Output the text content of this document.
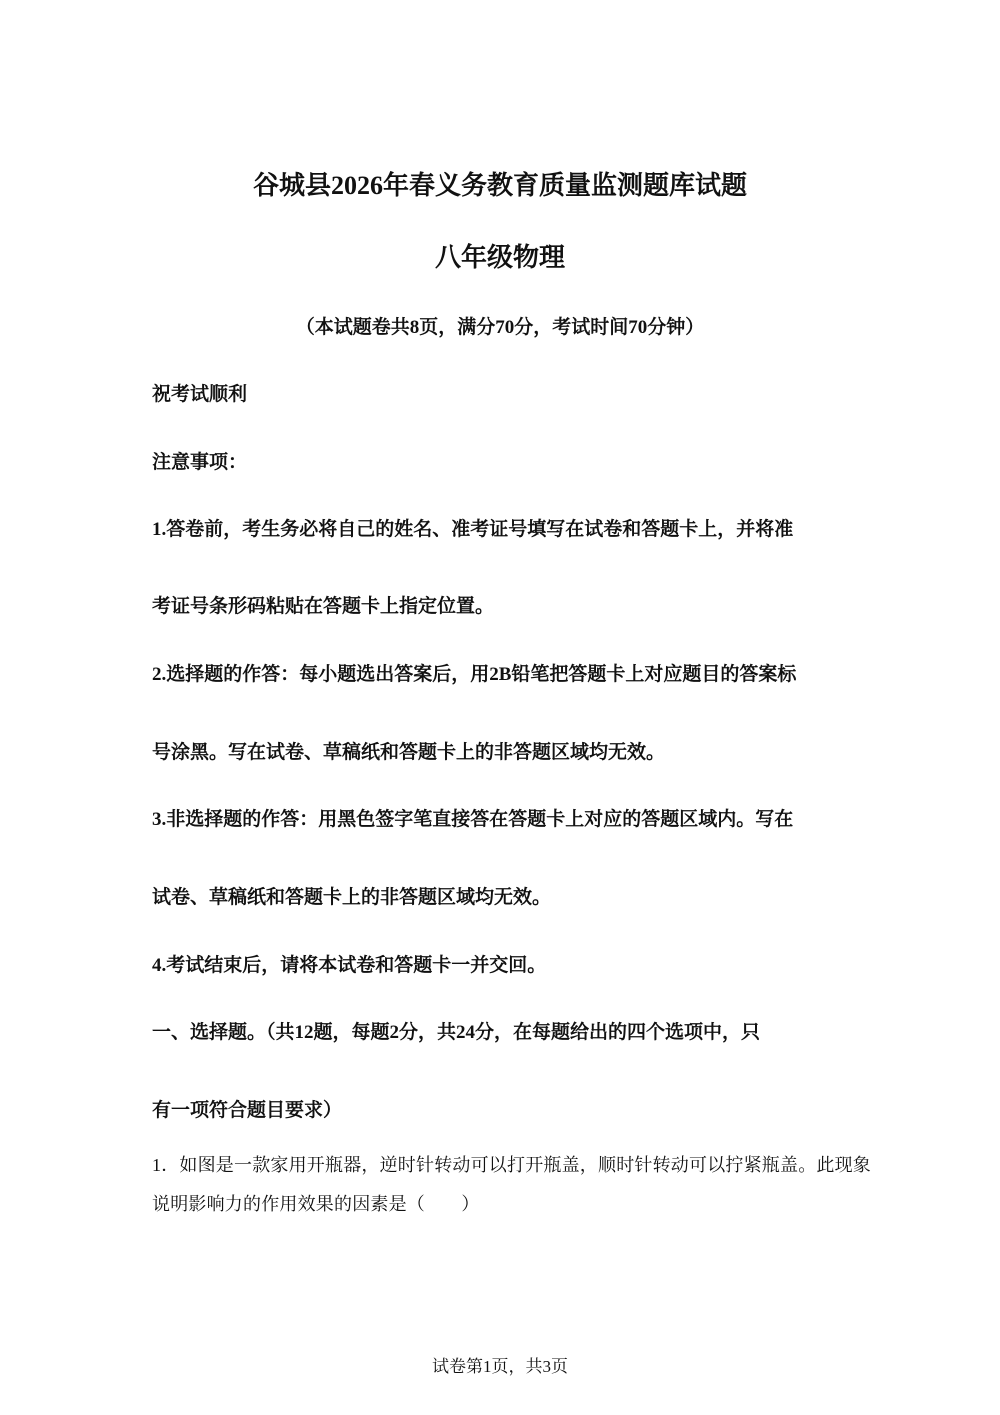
谷城县2026年春义务教育质量监测题库试题
八年级物理
（本试题卷共8页，满分70分，考试时间70分钟）
祝考试顺利
注意事项：
1.答卷前，考生务必将自己的姓名、准考证号填写在试卷和答题卡上，并将准
考证号条形码粘贴在答题卡上指定位置。
2.选择题的作答：每小题选出答案后，用2B铅笔把答题卡上对应题目的答案标
号涂黑。写在试卷、草稿纸和答题卡上的非答题区域均无效。
3.非选择题的作答：用黑色签字笔直接答在答题卡上对应的答题区域内。写在
试卷、草稿纸和答题卡上的非答题区域均无效。
4.考试结束后，请将本试卷和答题卡一并交回。
一、选择题。（共12题，每题2分，共24分，在每题给出的四个选项中，只
有一项符合题目要求）
1．如图是一款家用开瓶器，逆时针转动可以打开瓶盖，顺时针转动可以拧紧瓶盖。此现象
说明影响力的作用效果的因素是（　　）
试卷第1页，共3页
